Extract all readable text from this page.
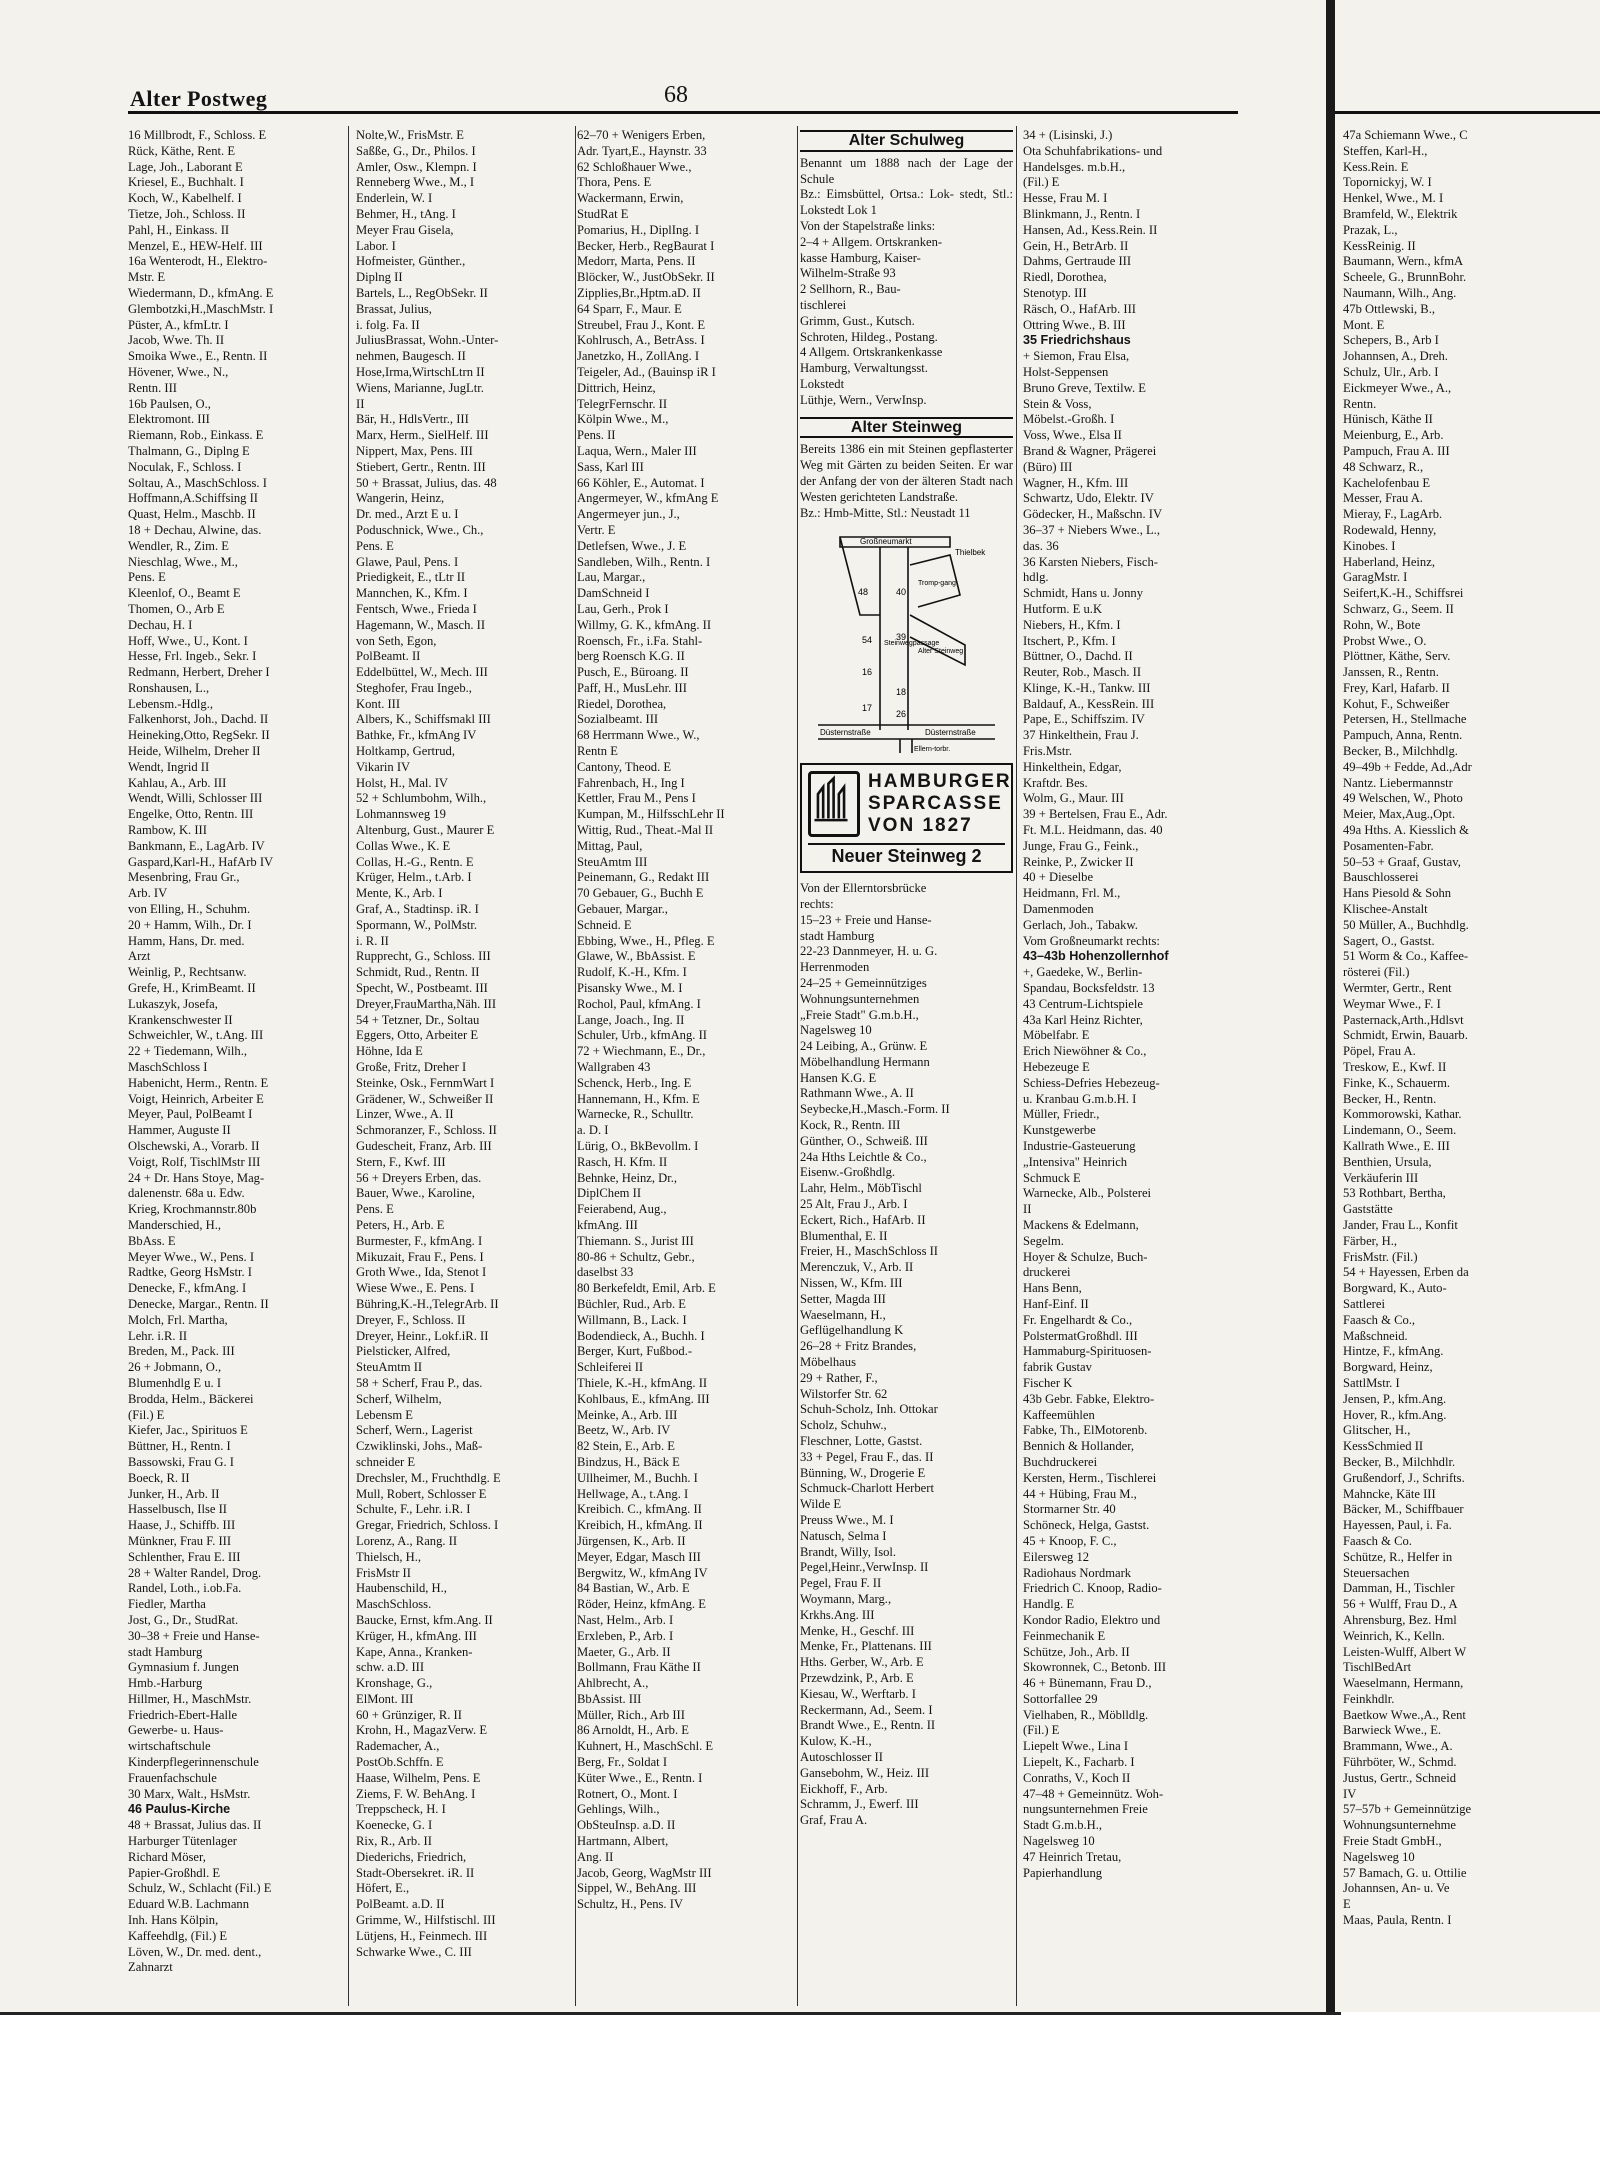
Alter Postweg	68
16 Millbrodt, F., Schloss. E
Rück, Käthe, Rent. E
Lage, Joh., Laborant E
Kriesel, E., Buchhalt. I
Koch, W., Kabelhelf. I
Tietze, Joh., Schloss. II
Pahl, H., Einkass. II
Menzel, E., HEW-Helf. III
16a Wenterodt, H., Elektro-
Mstr. E
Wiedermann, D., kfmAng. E
Glembotzki,H.,MaschMstr. I
Püster, A., kfmLtr. I
Jacob, Wwe. Th. II
Smoika Wwe., E., Rentn. II
Hövener, Wwe., N.,
Rentn. III
16b Paulsen, O.,
Elektromont. III
Riemann, Rob., Einkass. E
Thalmann, G., Diplng E
Noculak, F., Schloss. I
Soltau, A., MaschSchloss. I
Hoffmann,A.Schiffsing II
Quast, Helm., Maschb. II
18 + Dechau, Alwine, das.
Wendler, R., Zim. E
Nieschlag, Wwe., M.,
Pens. E
Kleenlof, O., Beamt E
Thomen, O., Arb E
Dechau, H. I
Hoff, Wwe., U., Kont. I
Hesse, Frl. Ingeb., Sekr. I
Redmann, Herbert, Dreher I
Ronshausen, L.,
Lebensm.-Hdlg.,
Falkenhorst, Joh., Dachd. II
Heineking,Otto, RegSekr. II
Heide, Wilhelm, Dreher II
Wendt, Ingrid II
Kahlau, A., Arb. III
Wendt, Willi, Schlosser III
Engelke, Otto, Rentn. III
Rambow, K. III
Bankmann, E., LagArb. IV
Gaspard,Karl-H., HafArb IV
Mesenbring, Frau Gr.,
Arb. IV
von Elling, H., Schuhm.
20 + Hamm, Wilh., Dr. I
Hamm, Hans, Dr. med.
Arzt
Weinlig, P., Rechtsanw.
Grefe, H., KrimBeamt. II
Lukaszyk, Josefa,
Krankenschwester II
Schweichler, W., t.Ang. III
22 + Tiedemann, Wilh.,
MaschSchloss I
Habenicht, Herm., Rentn. E
Voigt, Heinrich, Arbeiter E
Meyer, Paul, PolBeamt I
Hammer, Auguste II
Olschewski, A., Vorarb. II
Voigt, Rolf, TischlMstr III
24 + Dr. Hans Stoye, Mag-
dalenenstr. 68a u. Edw.
Krieg, Krochmannstr.80b
Manderschied, H.,
BbAss. E
Meyer Wwe., W., Pens. I
Radtke, Georg HsMstr. I
Denecke, F., kfmAng. I
Denecke, Margar., Rentn. II
Molch, Frl. Martha,
Lehr. i.R. II
Breden, M., Pack. III
26 + Jobmann, O.,
Blumenhdlg E u. I
Brodda, Helm., Bäckerei
(Fil.) E
Kiefer, Jac., Spirituos E
Büttner, H., Rentn. I
Bassowski, Frau G. I
Boeck, R. II
Junker, H., Arb. II
Hasselbusch, Ilse II
Haase, J., Schiffb. III
Münkner, Frau F. III
Schlenther, Frau E. III
28 + Walter Randel, Drog.
Randel, Loth., i.ob.Fa.
Fiedler, Martha
Jost, G., Dr., StudRat.
30–38 + Freie und Hanse-
stadt Hamburg
Gymnasium f. Jungen
Hmb.-Harburg
Hillmer, H., MaschMstr.
Friedrich-Ebert-Halle
Gewerbe- u. Haus-
wirtschaftschule
Kinderpflegerinnenschule
Frauenfachschule
30 Marx, Walt., HsMstr.
46 Paulus-Kirche
48 + Brassat, Julius das. II
Harburger Tütenlager
Richard Möser,
Papier-Großhdl. E
Schulz, W., Schlacht (Fil.) E
Eduard W.B. Lachmann
Inh. Hans Kölpin,
Kaffeehdlg, (Fil.) E
Löven, W., Dr. med. dent.,
Zahnarzt
Nolte,W., FrisMstr. E
Saßße, G., Dr., Philos. I
Amler, Osw., Klempn. I
Renneberg Wwe., M., I
Enderlein, W. I
Behmer, H., tAng. I
Meyer Frau Gisela,
Labor. I
Hofmeister, Günther.,
Diplng II
Bartels, L., RegObSekr. II
Brassat, Julius,
i. folg. Fa. II
JuliusBrassat, Wohn.-Unter-
nehmen, Baugesch. II
Hose,Irma,WirtschLtrn II
Wiens, Marianne, JugLtr.
II
Bär, H., HdlsVertr., III
Marx, Herm., SielHelf. III
Nippert, Max, Pens. III
Stiebert, Gertr., Rentn. III
50 + Brassat, Julius, das. 48
Wangerin, Heinz,
Dr. med., Arzt E u. I
Poduschnick, Wwe., Ch.,
Pens. E
Glawe, Paul, Pens. I
Priedigkeit, E., tLtr II
Mannchen, K., Kfm. I
Fentsch, Wwe., Frieda I
Hagemann, W., Masch. II
von Seth, Egon,
PolBeamt. II
Eddelbüttel, W., Mech. III
Steghofer, Frau Ingeb.,
Kont. III
Albers, K., Schiffsmakl III
Bathke, Fr., kfmAng IV
Holtkamp, Gertrud,
Vikarin IV
Holst, H., Mal. IV
52 + Schlumbohm, Wilh.,
Lohmannsweg 19
Altenburg, Gust., Maurer E
Collas Wwe., K. E
Collas, H.-G., Rentn. E
Krüger, Helm., t.Arb. I
Mente, K., Arb. I
Graf, A., Stadtinsp. iR. I
Spormann, W., PolMstr.
i. R. II
Rupprecht, G., Schloss. III
Schmidt, Rud., Rentn. II
Specht, W., Postbeamt. III
Dreyer,FrauMartha,Näh. III
54 + Tetzner, Dr., Soltau
Eggers, Otto, Arbeiter E
Höhne, Ida E
Große, Fritz, Dreher I
Steinke, Osk., FernmWart I
Grädener, W., Schweißer II
Linzer, Wwe., A. II
Schmoranzer, F., Schloss. II
Gudescheit, Franz, Arb. III
Stern, F., Kwf. III
56 + Dreyers Erben, das.
Bauer, Wwe., Karoline,
Pens. E
Peters, H., Arb. E
Burmester, F., kfmAng. I
Mikuzait, Frau F., Pens. I
Groth Wwe., Ida, Stenot I
Wiese Wwe., E. Pens. I
Bühring,K.-H.,TelegrArb. II
Dreyer, F., Schloss. II
Dreyer, Heinr., Lokf.iR. II
Pielsticker, Alfred,
SteuAmtm II
58 + Scherf, Frau P., das.
Scherf, Wilhelm,
Lebensm E
Scherf, Wern., Lagerist
Czwiklinski, Johs., Maß-
schneider E
Drechsler, M., Fruchthdlg. E
Mull, Robert, Schlosser E
Schulte, F., Lehr. i.R. I
Gregar, Friedrich, Schloss. I
Lorenz, A., Rang. II
Thielsch, H.,
FrisMstr II
Haubenschild, H.,
MaschSchloss.
Baucke, Ernst, kfm.Ang. II
Krüger, H., kfmAng. III
Kape, Anna., Kranken-
schw. a.D. III
Kronshage, G.,
ElMont. III
60 + Grünziger, R. II
Krohn, H., MagazVerw. E
Rademacher, A.,
PostOb.Schffn. E
Haase, Wilhelm, Pens. E
Ziems, F. W. BehAng. I
Treppscheck, H. I
Koenecke, G. I
Rix, R., Arb. II
Diederichs, Friedrich,
Stadt-Obersekret. iR. II
Höfert, E.,
PolBeamt. a.D. II
Grimme, W., Hilfstischl. III
Lütjens, H., Feinmech. III
Schwarke Wwe., C. III
62–70 + Wenigers Erben,
Adr. Tyart,E., Haynstr. 33
62 Schloßhauer Wwe.,
Thora, Pens. E
Wackermann, Erwin,
StudRat E
Pomarius, H., DiplIng. I
Becker, Herb., RegBaurat I
Medorr, Marta, Pens. II
Blöcker, W., JustObSekr. II
Zipplies,Br.,Hptm.aD. II
64 Sparr, F., Maur. E
Streubel, Frau J., Kont. E
Kohlrusch, A., BetrAss. I
Janetzko, H., ZollAng. I
Teigeler, Ad., (Bauinsp iR I
Dittrich, Heinz,
TelegrFernschr. II
Kölpin Wwe., M.,
Pens. II
Laqua, Wern., Maler III
Sass, Karl III
66 Köhler, E., Automat. I
Angermeyer, W., kfmAng E
Angermeyer jun., J.,
Vertr. E
Detlefsen, Wwe., J. E
Sandleben, Wilh., Rentn. I
Lau, Margar.,
DamSchneid I
Lau, Gerh., Prok I
Willmy, G. K., kfmAng. II
Roensch, Fr., i.Fa. Stahl-
berg Roensch K.G. II
Pusch, E., Büroang. II
Paff, H., MusLehr. III
Riedel, Dorothea,
Sozialbeamt. III
68 Herrmann Wwe., W.,
Rentn E
Cantony, Theod. E
Fahrenbach, H., Ing I
Kettler, Frau M., Pens I
Kumpan, M., HilfsschLehr II
Wittig, Rud., Theat.-Mal II
Mittag, Paul,
SteuAmtm III
Peinemann, G., Redakt III
70 Gebauer, G., Buchh E
Gebauer, Margar.,
Schneid. E
Ebbing, Wwe., H., Pfleg. E
Glawe, W., BbAssist. E
Rudolf, K.-H., Kfm. I
Pisansky Wwe., M. I
Rochol, Paul, kfmAng. I
Lange, Joach., Ing. II
Schuler, Urb., kfmAng. II
72 + Wiechmann, E., Dr.,
Wallgraben 43
Schenck, Herb., Ing. E
Hannemann, H., Kfm. E
Warnecke, R., Schulltr.
a. D. I
Lürig, O., BkBevollm. I
Rasch, H. Kfm. II
Behnke, Heinz, Dr.,
DiplChem II
Feierabend, Aug.,
kfmAng. III
Thiemann. S., Jurist III
80-86 + Schultz, Gebr.,
daselbst 33
80 Berkefeldt, Emil, Arb. E
Büchler, Rud., Arb. E
Willmann, B., Lack. I
Bodendieck, A., Buchh. I
Berger, Kurt, Fußbod.-
Schleiferei II
Thiele, K.-H., kfmAng. II
Kohlbaus, E., kfmAng. III
Meinke, A., Arb. III
Beetz, W., Arb. IV
82 Stein, E., Arb. E
Bindzus, H., Bäck E
Ullheimer, M., Buchh. I
Hellwage, A., t.Ang. I
Kreibich. C., kfmAng. II
Kreibich, H., kfmAng. II
Jürgensen, K., Arb. II
Meyer, Edgar, Masch III
Bergwitz, W., kfmAng IV
84 Bastian, W., Arb. E
Röder, Heinz, kfmAng. E
Nast, Helm., Arb. I
Erxleben, P., Arb. I
Maeter, G., Arb. II
Bollmann, Frau Käthe II
Ahlbrecht, A.,
BbAssist. III
Müller, Rich., Arb III
86 Arnoldt, H., Arb. E
Kuhnert, H., MaschSchl. E
Berg, Fr., Soldat I
Küter Wwe., E., Rentn. I
Rotnert, O., Mont. I
Gehlings, Wilh.,
ObSteuInsp. a.D. II
Hartmann, Albert,
Ang. II
Jacob, Georg, WagMstr III
Sippel, W., BehAng. III
Schultz, H., Pens. IV
Alter Schulweg
Benannt um 1888 nach der Lage der Schule
Bz.: Eimsbüttel, Ortsa.: Lok- stedt, Stl.: Lokstedt Lok 1
Von der Stapelstraße links:
2–4 + Allgem. Ortskranken-
kasse Hamburg, Kaiser-
Wilhelm-Straße 93
2 Sellhorn, R., Bau-
tischlerei
Grimm, Gust., Kutsch.
Schroten, Hildeg., Postang.
4 Allgem. Ortskrankenkasse
Hamburg, Verwaltungsst.
Lokstedt
Lüthje, Wern., VerwInsp.
Alter Steinweg
Bereits 1386 ein mit Steinen gepflasterter Weg mit Gärten zu beiden Seiten. Er war der Anfang der von der älteren Stadt nach Westen gerichteten Landstraße.
Bz.: Hmb-Mitte, Stl.: Neustadt 11
Großneumarkt
Thielbek
Tromp-gang
Steinwegpassage
Alter Steinweg
Düsternstraße	Düsternstraße
Ellern-torbr.
48	40
54	39
18
17
16
26
HAMBURGER
SPARCASSE
VON 1827
Neuer Steinweg 2
Von der Ellerntorsbrücke
rechts:
15–23 + Freie und Hanse-
stadt Hamburg
22-23 Dannmeyer, H. u. G.
Herrenmoden
24–25 + Gemeinnütziges
Wohnungsunternehmen
„Freie Stadt" G.m.b.H.,
Nagelsweg 10
24 Leibing, A., Grünw. E
Möbelhandlung Hermann
Hansen K.G. E
Rathmann Wwe., A. II
Seybecke,H.,Masch.-Form. II
Kock, R., Rentn. III
Günther, O., Schweiß. III
24a Hths Leichtle & Co.,
Eisenw.-Großhdlg.
Lahr, Helm., MöbTischl
25 Alt, Frau J., Arb. I
Eckert, Rich., HafArb. II
Blumenthal, E. II
Freier, H., MaschSchloss II
Merenczuk, V., Arb. II
Nissen, W., Kfm. III
Setter, Magda III
Waeselmann, H.,
Geflügelhandlung K
26–28 + Fritz Brandes,
Möbelhaus
29 + Rather, F.,
Wilstorfer Str. 62
Schuh-Scholz, Inh. Ottokar
Scholz, Schuhw.,
Fleschner, Lotte, Gastst.
33 + Pegel, Frau F., das. II
Bünning, W., Drogerie E
Schmuck-Charlott Herbert
Wilde E
Preuss Wwe., M. I
Natusch, Selma I
Brandt, Willy, Isol.
Pegel,Heinr.,VerwInsp. II
Pegel, Frau F. II
Woymann, Marg.,
Krkhs.Ang. III
Menke, H., Geschf. III
Menke, Fr., Plattenans. III
Hths. Gerber, W., Arb. E
Przewdzink, P., Arb. E
Kiesau, W., Werftarb. I
Reckermann, Ad., Seem. I
Brandt Wwe., E., Rentn. II
Kulow, K.-H.,
Autoschlosser II
Gansebohm, W., Heiz. III
Eickhoff, F., Arb.
Schramm, J., Ewerf. III
Graf, Frau A.
34 + (Lisinski, J.)
Ota Schuhfabrikations- und
Handelsges. m.b.H.,
(Fil.) E
Hesse, Frau M. I
Blinkmann, J., Rentn. I
Hansen, Ad., Kess.Rein. II
Gein, H., BetrArb. II
Dahms, Gertraude III
Riedl, Dorothea,
Stenotyp. III
Räsch, O., HafArb. III
Ottring Wwe., B. III
35 Friedrichshaus
+ Siemon, Frau Elsa,
Holst-Seppensen
Bruno Greve, Textilw. E
Stein & Voss,
Möbelst.-Großh. I
Voss, Wwe., Elsa II
Brand & Wagner, Prägerei
(Büro) III
Wagner, H., Kfm. III
Schwartz, Udo, Elektr. IV
Gödecker, H., Maßschn. IV
36–37 + Niebers Wwe., L.,
das. 36
36 Karsten Niebers, Fisch-
hdlg.
Schmidt, Hans u. Jonny
Hutform. E u.K
Niebers, H., Kfm. I
Itschert, P., Kfm. I
Büttner, O., Dachd. II
Reuter, Rob., Masch. II
Klinge, K.-H., Tankw. III
Baldauf, A., KessRein. III
Pape, E., Schiffszim. IV
37 Hinkelthein, Frau J.
Fris.Mstr.
Hinkelthein, Edgar,
Kraftdr. Bes.
Wolm, G., Maur. III
39 + Bertelsen, Frau E., Adr.
Ft. M.L. Heidmann, das. 40
Junge, Frau G., Feink.,
Reinke, P., Zwicker II
40 + Dieselbe
Heidmann, Frl. M.,
Damenmoden
Gerlach, Joh., Tabakw.
Vom Großneumarkt rechts:
43–43b Hohenzollernhof
+, Gaedeke, W., Berlin-
Spandau, Bocksfeldstr. 13
43 Centrum-Lichtspiele
43a Karl Heinz Richter,
Möbelfabr. E
Erich Niewöhner & Co.,
Hebezeuge E
Schiess-Defries Hebezeug-
u. Kranbau G.m.b.H. I
Müller, Friedr.,
Kunstgewerbe
Industrie-Gasteuerung
„Intensiva" Heinrich
Schmuck E
Warnecke, Alb., Polsterei
II
Mackens & Edelmann,
Segelm.
Hoyer & Schulze, Buch-
druckerei
Hans Benn,
Hanf-Einf. II
Fr. Engelhardt & Co.,
PolstermatGroßhdl. III
Hammaburg-Spirituosen-
fabrik Gustav
Fischer K
43b Gebr. Fabke, Elektro-
Kaffeemühlen
Fabke, Th., ElMotorenb.
Bennich & Hollander,
Buchdruckerei
Kersten, Herm., Tischlerei
44 + Hübing, Frau M.,
Stormarner Str. 40
Schöneck, Helga, Gastst.
45 + Knoop, F. C.,
Eilersweg 12
Radiohaus Nordmark
Friedrich C. Knoop, Radio-
Handlg. E
Kondor Radio, Elektro und
Feinmechanik E
Schütze, Joh., Arb. II
Skowronnek, C., Betonb. III
46 + Bünemann, Frau D.,
Sottorfallee 29
Vielhaben, R., Möblldlg.
(Fil.) E
Liepelt Wwe., Lina I
Liepelt, K., Facharb. I
Conraths, V., Koch II
47–48 + Gemeinnütz. Woh-
nungsunternehmen Freie
Stadt G.m.b.H.,
Nagelsweg 10
47 Heinrich Tretau,
Papierhandlung
47a Schiemann Wwe., C
Steffen, Karl-H.,
Kess.Rein. E
Toporniсkyj, W. I
Henkel, Wwe., M. I
Bramfeld, W., Elektrik
Prazak, L.,
KessReinig. II
Baumann, Wern., kfmA
Scheele, G., BrunnBohr.
Naumann, Wilh., Ang.
47b Ottlewski, B.,
Mont. E
Schepers, B., Arb I
Johannsen, A., Dreh.
Schulz, Ulr., Arb. I
Eickmeyer Wwe., A.,
Rentn.
Hünisch, Käthe II
Meienburg, E., Arb.
Pampuch, Frau A. III
48 Schwarz, R.,
Kachelofenbau E
Messer, Frau A.
Mieraу, F., LagArb.
Rodewald, Henny,
Kinobes. I
Haberland, Heinz,
GaragMstr. I
Seifert,K.-H., Schiffsrei
Schwarz, G., Seem. II
Rohn, W., Bote
Probst Wwe., O.
Plöttner, Käthe, Serv.
Janssen, R., Rentn.
Frey, Karl, Hafarb. II
Kohut, F., Schweißer
Petersen, H., Stellmache
Pampuch, Anna, Rentn.
Becker, B., Milchhdlg.
49–49b + Fedde, Ad.,Adr
Nantz. Liebermannstr
49 Welschen, W., Photo
Meier, Max,Aug.,Opt.
49a Hths. A. Kiesslich &
Posamenten-Fabr.
50–53 + Graaf, Gustav,
Bauschlosserei
Hans Piesold & Sohn
Klischee-Anstalt
50 Müller, A., Buchhdlg.
Sagert, O., Gastst.
51 Worm & Co., Kaffee-
rösterei (Fil.)
Wermter, Gertr., Rent
Weymar Wwe., F. I
Pasternack,Arth.,Hdlsvt
Schmidt, Erwin, Bauarb.
Pöpel, Frau A.
Treskow, E., Kwf. II
Finke, K., Schauerm.
Becker, H., Rentn.
Kommorowski, Kathar.
Lindemann, O., Seem.
Kallrath Wwe., E. III
Benthien, Ursula,
Verkäuferin III
53 Rothbart, Bertha,
Gaststätte
Jander, Frau L., Konfit
Färber, H.,
FrisMstr. (Fil.)
54 + Hayessen, Erben da
Borgward, K., Auto-
Sattlerei
Faasch & Co.,
Maßschneid.
Hintze, F., kfmAng.
Borgward, Heinz,
SattlMstr. I
Jensen, P., kfm.Ang.
Hover, R., kfm.Ang.
Glitscher, H.,
KessSchmied II
Becker, B., Milchhdlr.
Grußendorf, J., Schrifts.
Mahncke, Käte III
Bäcker, M., Schiffbauer
Hayessen, Paul, i. Fa.
Faasch & Co.
Schütze, R., Helfer in
Steuersachen
Damman, H., Tischler
56 + Wulff, Frau D., A
Ahrensburg, Bez. Hml
Weinrich, K., Kelln.
Leisten-Wulff, Albert W
TischlBedArt
Waeselmann, Hermann,
Feinkhdlr.
Baetkow Wwe.,A., Rent
Barwieck Wwe., E.
Brammann, Wwe., A.
Führböter, W., Schmd.
Justus, Gertr., Schneid
IV
57–57b + Gemeinnützige
Wohnungsunternehme
Freie Stadt GmbH.,
Nagelsweg 10
57 Bamach, G. u. Ottilie
Johannsen, An- u. Ve
E
Maas, Paula, Rentn. I
